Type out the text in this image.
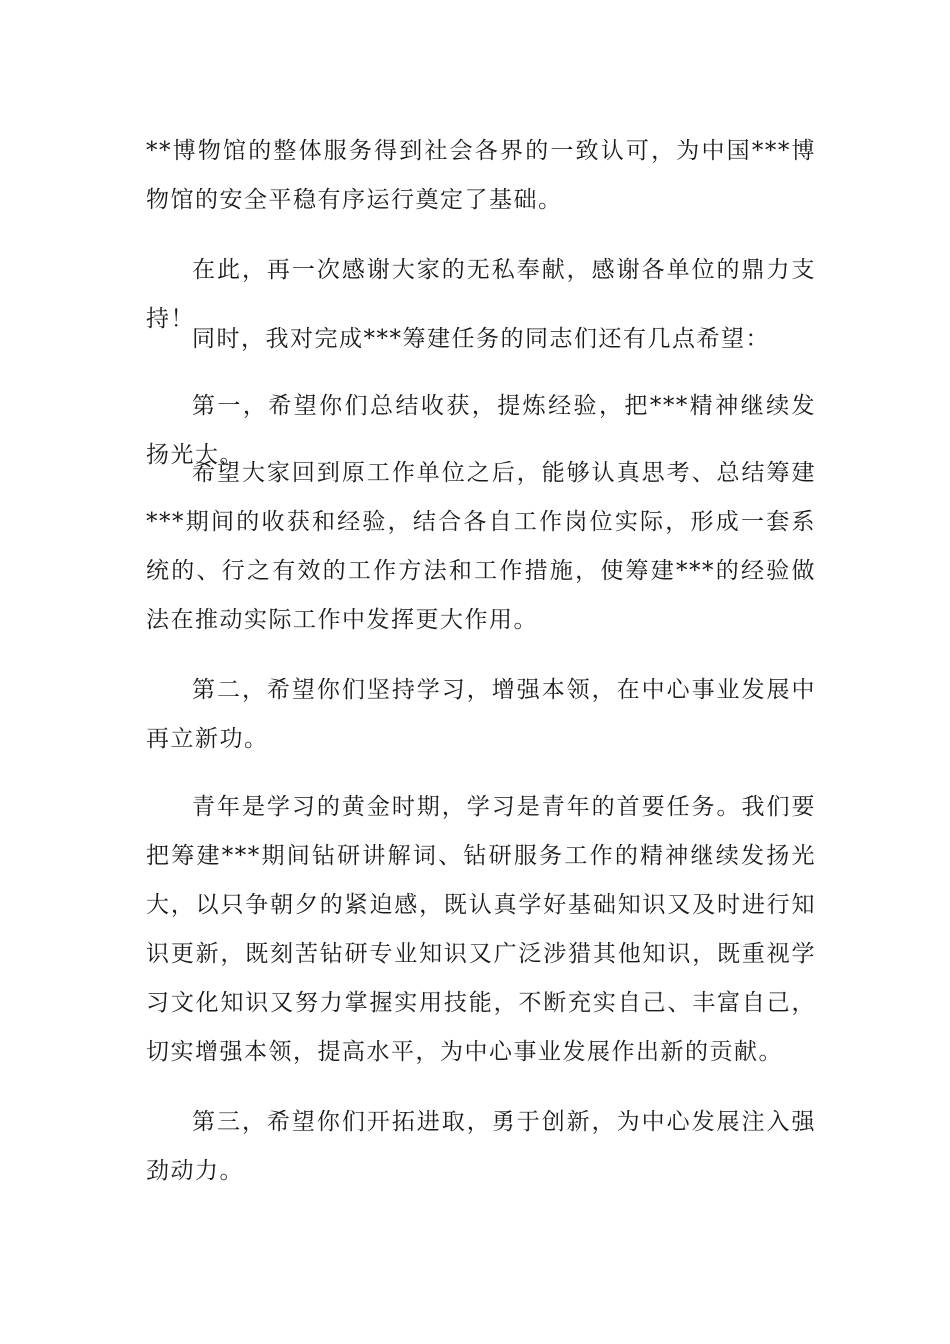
**博物馆的整体服务得到社会各界的一致认可，为中国***博物馆的安全平稳有序运行奠定了基础。

在此，再一次感谢大家的无私奉献，感谢各单位的鼎力支持！

同时，我对完成***筹建任务的同志们还有几点希望：

第一，希望你们总结收获，提炼经验，把***精神继续发扬光大。

希望大家回到原工作单位之后，能够认真思考、总结筹建***期间的收获和经验，结合各自工作岗位实际，形成一套系统的、行之有效的工作方法和工作措施，使筹建***的经验做法在推动实际工作中发挥更大作用。

第二，希望你们坚持学习，增强本领，在中心事业发展中再立新功。

青年是学习的黄金时期，学习是青年的首要任务。我们要把筹建***期间钻研讲解词、钻研服务工作的精神继续发扬光大，以只争朝夕的紧迫感，既认真学好基础知识又及时进行知识更新，既刻苦钻研专业知识又广泛涉猎其他知识，既重视学习文化知识又努力掌握实用技能，不断充实自己、丰富自己，切实增强本领，提高水平，为中心事业发展作出新的贡献。

第三，希望你们开拓进取，勇于创新，为中心发展注入强劲动力。
